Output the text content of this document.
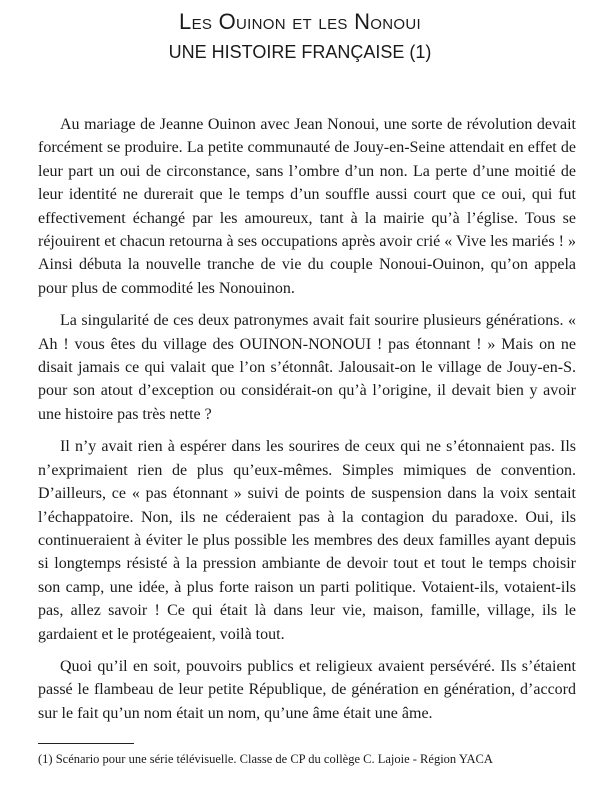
Les Ouinon et les Nonoui
UNE HISTOIRE FRANÇAISE (1)

Au mariage de Jeanne Ouinon avec Jean Nonoui, une sorte de révolution devait forcément se produire. La petite communauté de Jouy-en-Seine attendait en effet de leur part un oui de circonstance, sans l’ombre d’un non. La perte d’une moitié de leur identité ne durerait que le temps d’un souffle aussi court que ce oui, qui fut effectivement échangé par les amoureux, tant à la mairie qu’à l’église. Tous se réjouirent et chacun retourna à ses occupations après avoir crié « Vive les mariés ! » Ainsi débuta la nouvelle tranche de vie du couple Nonoui-Ouinon, qu’on appela pour plus de commodité les Nonouinon.

La singularité de ces deux patronymes avait fait sourire plusieurs générations. « Ah ! vous êtes du village des OUINON-NONOUI ! pas étonnant ! » Mais on ne disait jamais ce qui valait que l’on s’étonnât. Jalousait-on le village de Jouy-en-S. pour son atout d’exception ou considérait-on qu’à l’origine, il devait bien y avoir une histoire pas très nette ?

Il n’y avait rien à espérer dans les sourires de ceux qui ne s’étonnaient pas. Ils n’exprimaient rien de plus qu’eux-mêmes. Simples mimiques de convention. D’ailleurs, ce « pas étonnant » suivi de points de suspension dans la voix sentait l’échappatoire. Non, ils ne céderaient pas à la contagion du paradoxe. Oui, ils continueraient à éviter le plus possible les membres des deux familles ayant depuis si longtemps résisté à la pression ambiante de devoir tout et tout le temps choisir son camp, une idée, à plus forte raison un parti politique. Votaient-ils, votaient-ils pas, allez savoir ! Ce qui était là dans leur vie, maison, famille, village, ils le gardaient et le protégeaient, voilà tout.

Quoi qu’il en soit, pouvoirs publics et religieux avaient persévéré. Ils s’étaient passé le flambeau de leur petite République, de génération en génération, d’accord sur le fait qu’un nom était un nom, qu’une âme était une âme.

(1) Scénario pour une série télévisuelle. Classe de CP du collège C. Lajoie - Région YACA
